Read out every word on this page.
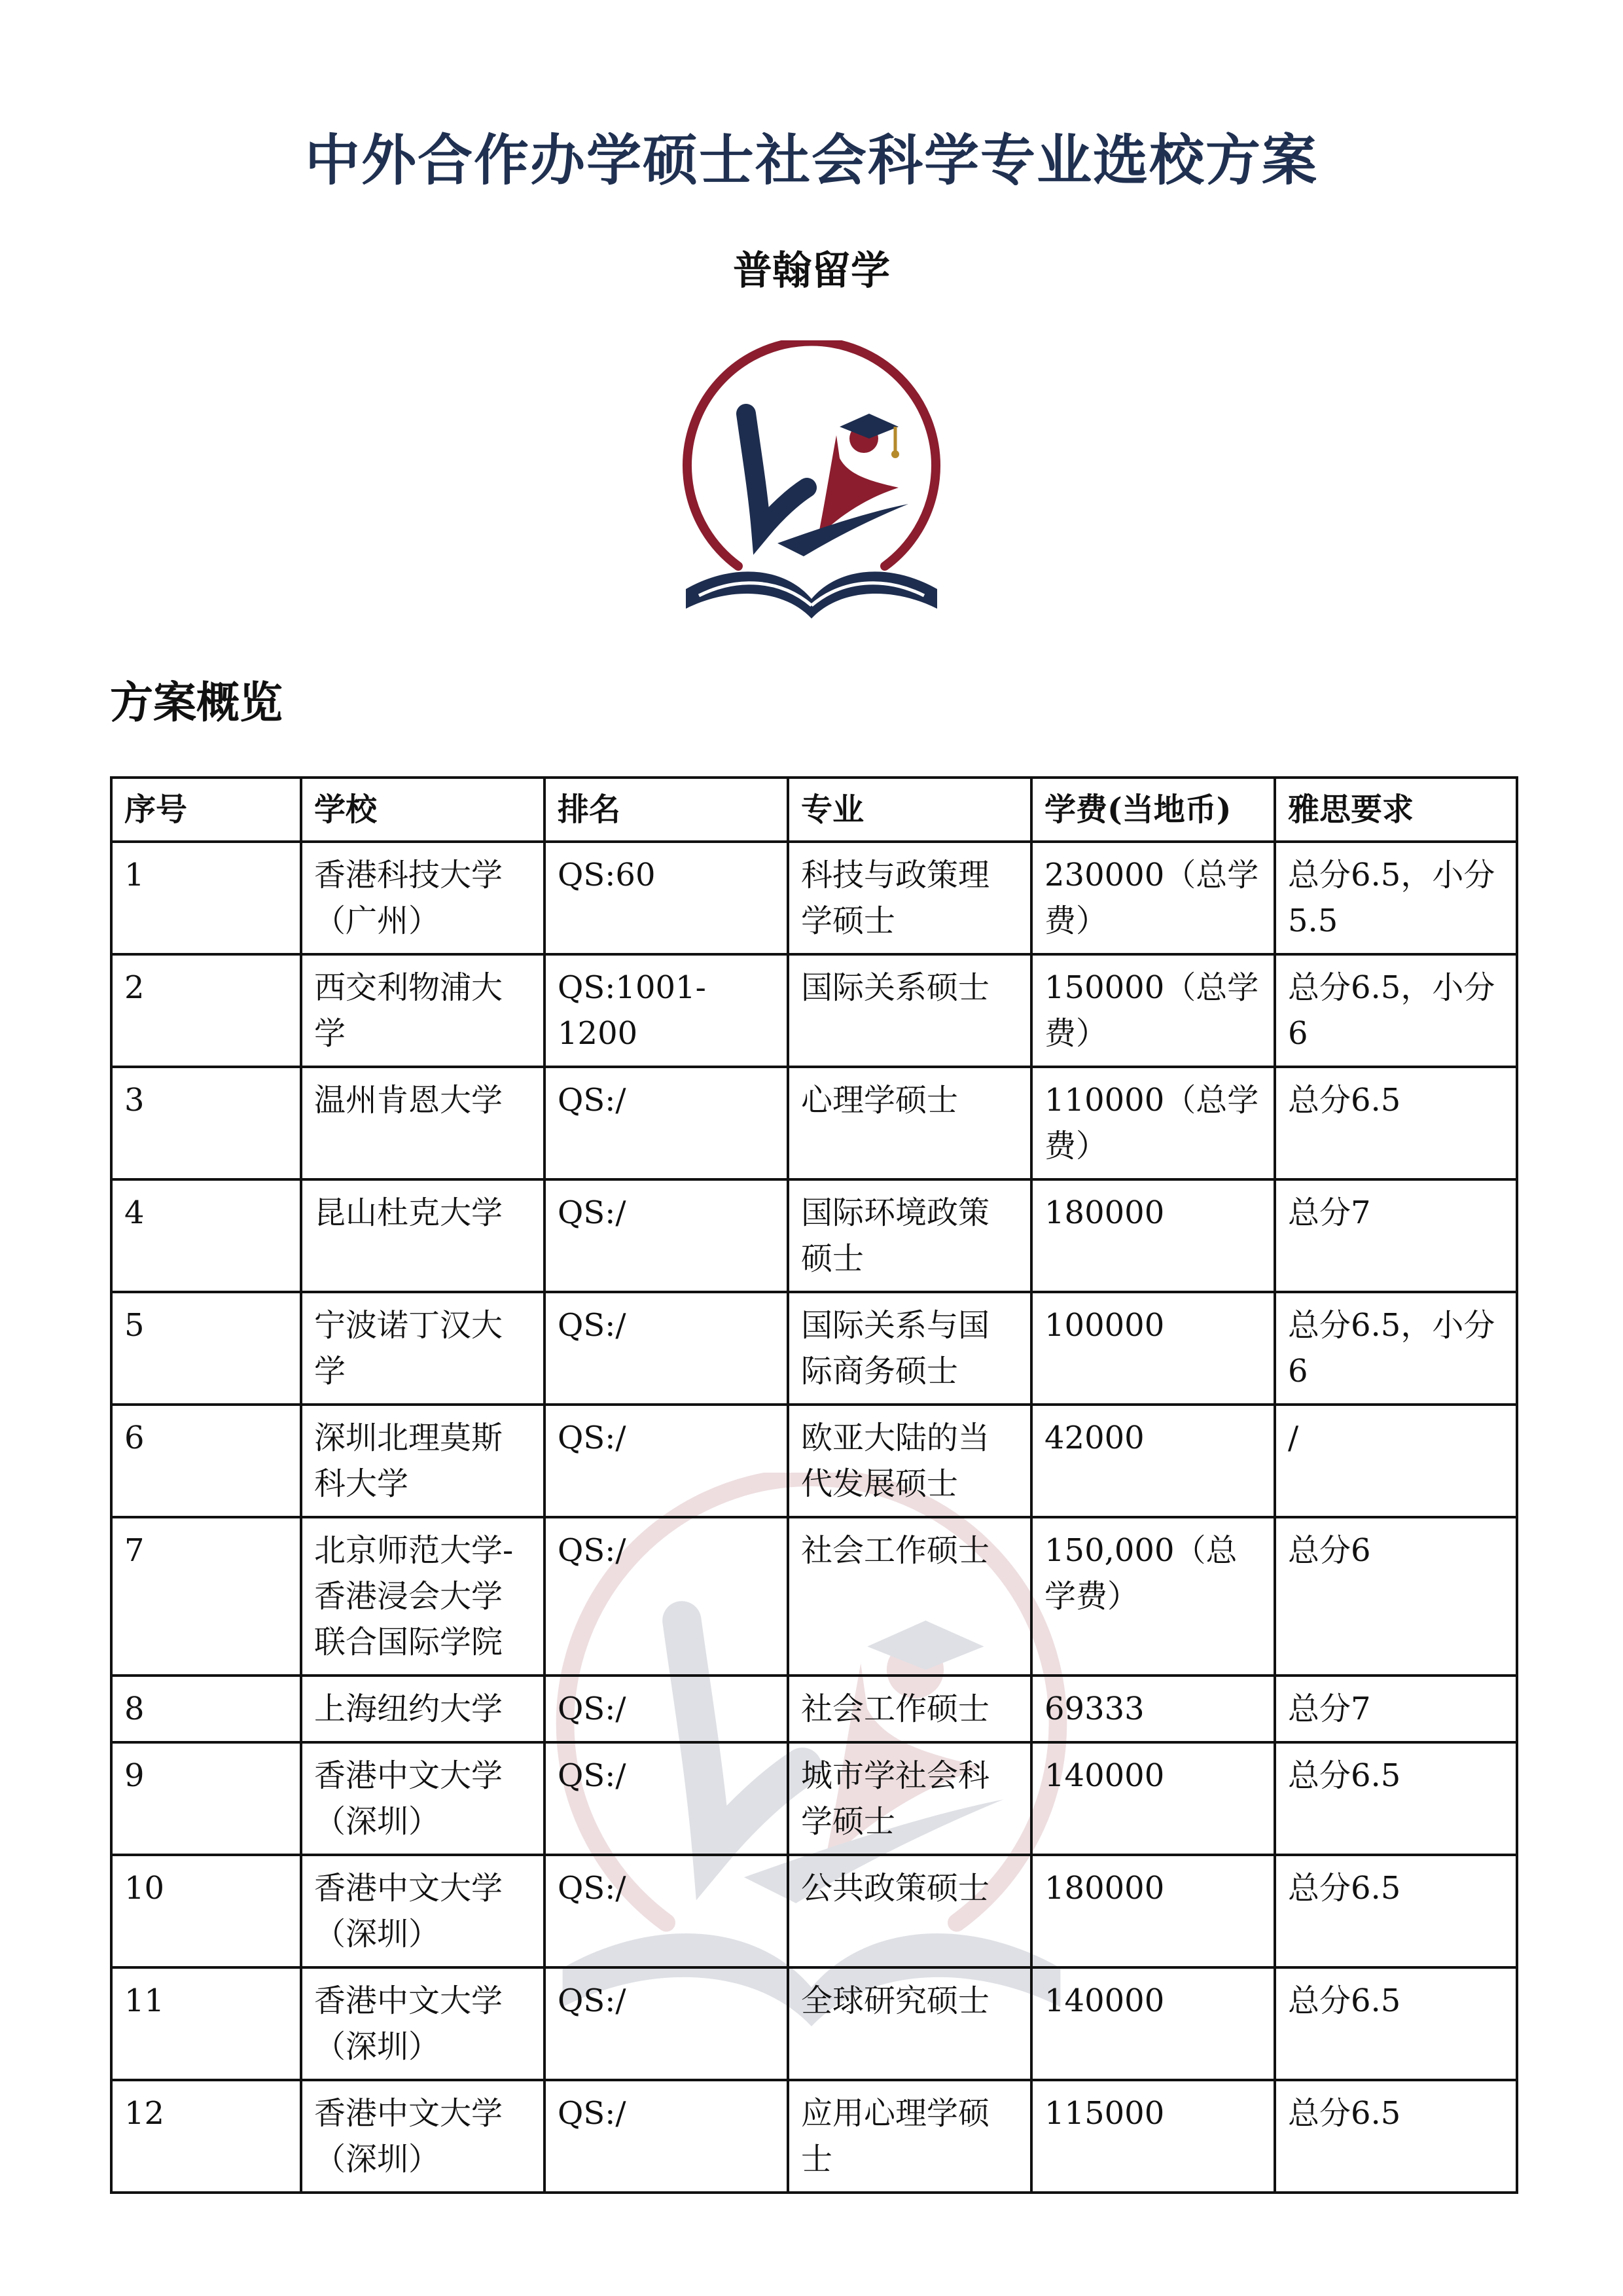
中外合作办学硕士社会科学专业选校方案
普翰留学
方案概览
序号	学校	排名	专业	学费(当地币)	雅思要求
1	香港科技大学（广州）	QS:60	科技与政策理学硕士	230000（总学费）	总分6.5，小分5.5
2	西交利物浦大学	QS:1001-1200	国际关系硕士	150000（总学费）	总分6.5，小分6
3	温州肯恩大学	QS:/	心理学硕士	110000（总学费）	总分6.5
4	昆山杜克大学	QS:/	国际环境政策硕士	180000	总分7
5	宁波诺丁汉大学	QS:/	国际关系与国际商务硕士	100000	总分6.5，小分6
6	深圳北理莫斯科大学	QS:/	欧亚大陆的当代发展硕士	42000	/
7	北京师范大学-香港浸会大学联合国际学院	QS:/	社会工作硕士	150,000（总学费）	总分6
8	上海纽约大学	QS:/	社会工作硕士	69333	总分7
9	香港中文大学（深圳）	QS:/	城市学社会科学硕士	140000	总分6.5
10	香港中文大学（深圳）	QS:/	公共政策硕士	180000	总分6.5
11	香港中文大学（深圳）	QS:/	全球研究硕士	140000	总分6.5
12	香港中文大学（深圳）	QS:/	应用心理学硕士	115000	总分6.5
